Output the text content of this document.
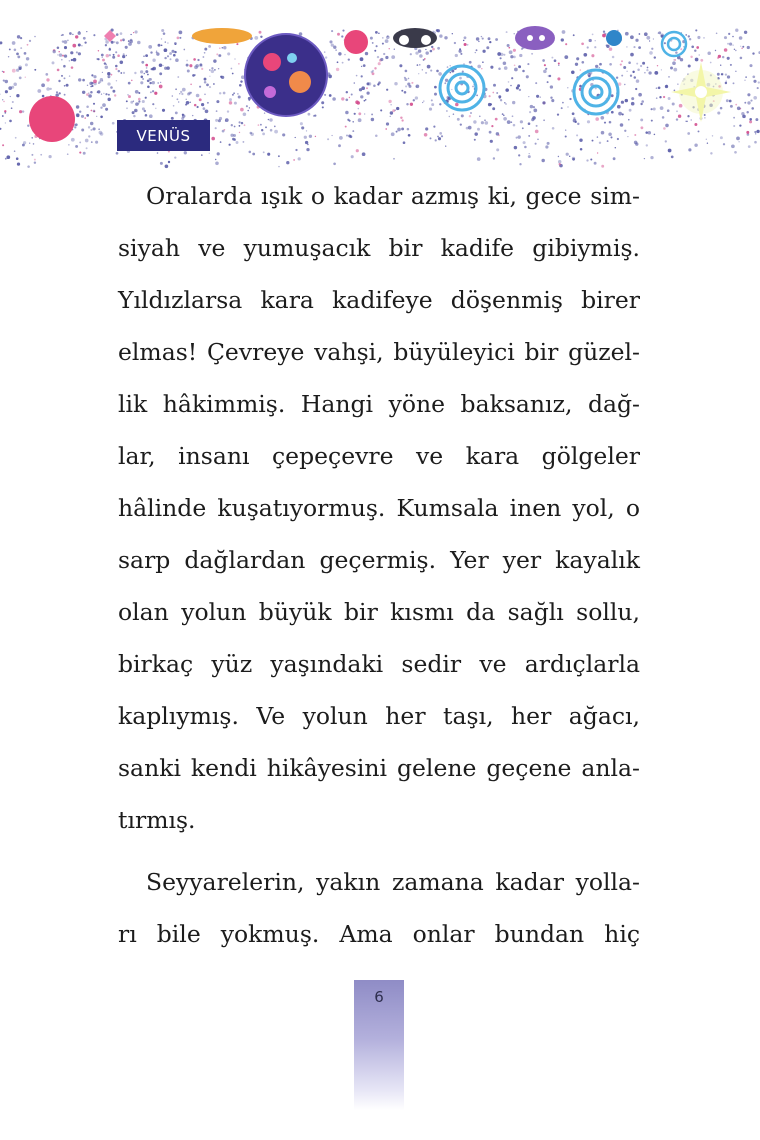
VENÜS
Oralarda ışık o kadar azmış ki, gece sim-
siyah ve yumuşacık bir kadife gibiymiş.
Yıldızlarsa kara kadifeye döşenmiş birer
elmas! Çevreye vahşi, büyüleyici bir güzel-
lik hâkimmiş. Hangi yöne baksanız, dağ-
lar, insanı çepeçevre ve kara gölgeler
hâlinde kuşatıyormuş. Kumsala inen yol, o
sarp dağlardan geçermiş. Yer yer kayalık
olan yolun büyük bir kısmı da sağlı sollu,
birkaç yüz yaşındaki sedir ve ardıçlarla
kaplıymış. Ve yolun her taşı, her ağacı,
sanki kendi hikâyesini gelene geçene anla-
tırmış.
Seyyarelerin, yakın zamana kadar yolla-
rı bile yokmuş. Ama onlar bundan hiç
6
